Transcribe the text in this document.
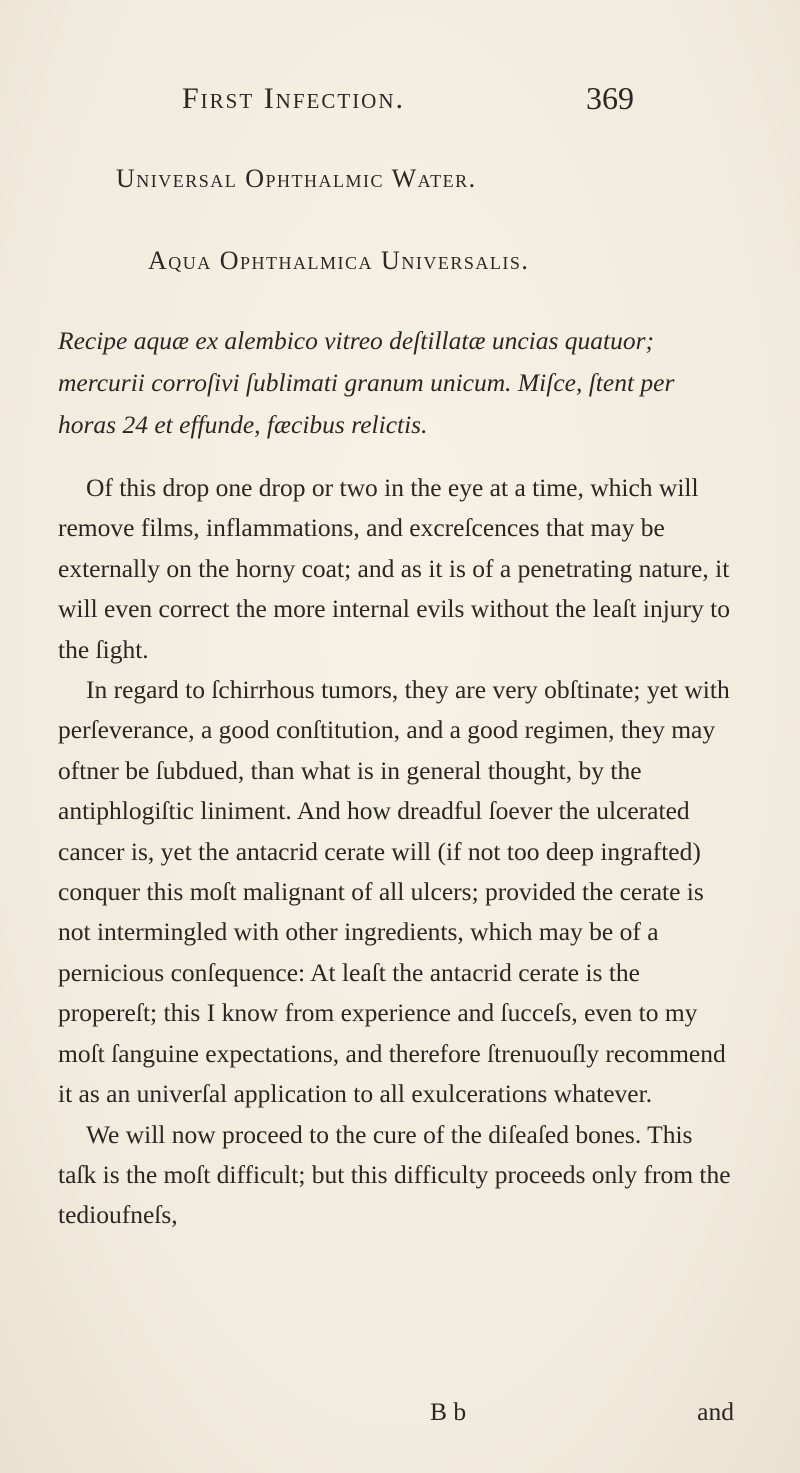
First Infection.	369
Universal Ophthalmic Water.
Aqua Ophthalmica Universalis.
Recipe aquæ ex alembico vitreo deſtillatæ uncias quatuor; mercurii corroſivi ſublimati granum unicum. Miſce, ſtent per horas 24 et effunde, fæcibus relictis.

Of this drop one drop or two in the eye at a time, which will remove films, inflammations, and excreſcences that may be externally on the horny coat; and as it is of a penetrating nature, it will even correct the more internal evils without the leaſt injury to the ſight.

In regard to ſchirrhous tumors, they are very obſtinate; yet with perſeverance, a good conſtitution, and a good regimen, they may oftner be ſubdued, than what is in general thought, by the antiphlogiſtic liniment. And how dreadful ſoever the ulcerated cancer is, yet the antacrid cerate will (if not too deep ingrafted) conquer this moſt malignant of all ulcers; provided the cerate is not intermingled with other ingredients, which may be of a pernicious conſequence: At leaſt the antacrid cerate is the propereſt; this I know from experience and ſucceſs, even to my moſt ſanguine expectations, and therefore ſtrenuouſly recommend it as an univerſal application to all exulcerations whatever.

We will now proceed to the cure of the diſeaſed bones. This taſk is the moſt difficult; but this difficulty proceeds only from the tedioufneſs,

B b	and
